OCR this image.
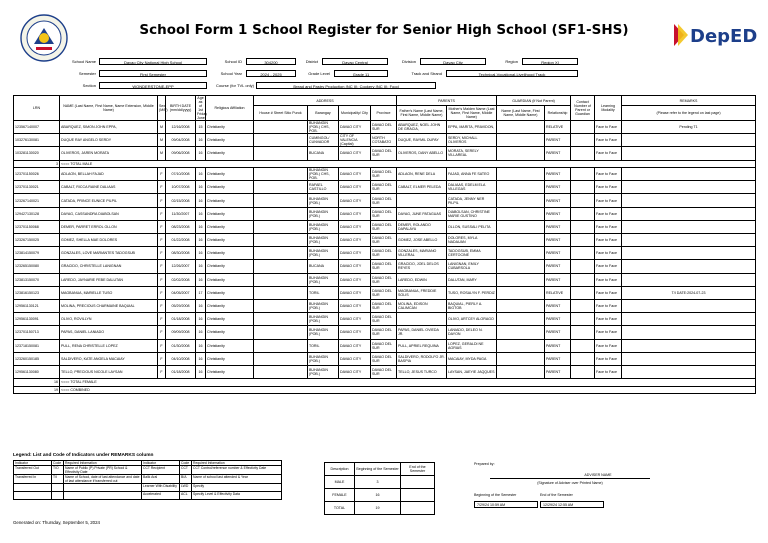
School Form 1 School Register for Senior High School (SF1-SHS)	DepED
School Name	Davao City National High School	School ID	304200	District	Davao Central	Division	Davao City	Region	Region XI
Semester	First Semester	School Year	2024 - 2025	Grade Level	Grade 11	Track and Strand	Technical-Vocational-Livelihood Track
Section	WONDERSTONE-EPP	Course (for TVL only)	Bread and Pastry Production (NC II); Cookery (NC II); Food
LRN	NAME (Last Name, First Name, Name Extension, Middle Name)	Sex (M/F)	BIRTH DATE (mm/dd/yyyy)	Age as of 1st Friday June	Religious Affiliation	ADDRESS				PARENTS		GUARDIAN (If Not Parent)		Contact Number of Parent or Guardian	Learning Modality	REMARKS
						House # Street Sitio Purok	Barangay	Municipality/ City	Province	Father's Name (Last Name, First Name, Middle Name)	Mother's Maiden Name (Last Name, First Name, Middle Name)	Name (Last Name, First Name, Middle Name)	Relationship			(Please refer to the legend on last page)
123567140007	ABARQUEZ, SIMON JOHN EPPA,	M	12/16/2008	15	Christianity		BUHANGIN (POB.) CHS, POB.	DAVAO CITY	DAVAO DEL SUR	ABARQUEZ, NOEL JOHN DE GRACIA,	EPPA, MARITA, PRAVIDON,		RELATIVE		Face to Face	Pending T1
103276130081	DUQUE RAY ANGELO SERDY	M	09/04/2008	16	Christianity		CUMINGOL/ CUNVADOR	CITY OF VALENCIA (Capital)	NORTH COTABATO	DUQUE, RAYMIL DUPAY	SERDY, MICHALL OLIVEROS		PARENT		Face to Face	
103281130020	OLIVEROS, JAREN MORATA	M	09/06/2008	16	Christianity		BUCANA	DAVAO CITY	DAVAO DEL SUR	OLIVEROS, DANY ABELLO	MORATA, SERELY VILLAREAL		PARENT		Face to Face	
3	<=== TOTAL MALE															
123701150026	ADLAON, BELLAH FAJAD	F	07/10/2008	16	Christianity		BUHANGIN (POB.) CHS, POB.	DAVAO CITY	DAVAO DEL SUR	ADLAON, RENE DELA	FAJAD, ANNA FE SATEO		PARENT		Face to Face	
123701130021	CABALT, RICCA RAINE DALIAAS	F	10/07/2008	16	Christianity		RAFAEL CASTILLO	DAVAO CITY	DAVAO DEL SUR	CABALT, ELMER PELEDA	DALIAAS, EDELM ELA VILLEGAS		PARENT		Face to Face	
123267140021	CATADA, PRINCE EUNICE PILPIL	F	02/15/2008	16	Christianity		BUHANGIN (POB.)	DAVAO CITY	DAVAO DEL SUR		CATADA, JENNY NER PILPIL		PARENT		Face to Face	
129427130128	DAYAG, CASSANDRA DIABOLSAN	F	11/30/2007	16	Christianity		BUHANGIN (POB.)	DAVAO CITY	DAVAO DEL SUR	DAYAG, JUNE PATAGUAS	DIABOLSAN, CHRISTINE MARIE GUSTINO		PARENT		Face to Face	
123701150068	DEMER, PARRET ERROL OLLON	F	08/23/2008	16	Christianity		BUHANGIN (POB.)	DAVAO CITY	DAVAO DEL SUR	DEMER, ROLANDO DAPALAYA	OLLON, SUSSALI PELITA		PARENT		Face to Face	
123267150025	GOMEZ, SHELLA MAE DOLORES	F	01/22/2008	16	Christianity		BUHANGIN (POB.)	DAVAO CITY	DAVAO DEL SUR	GOMEZ, JOSE ABELLO	DOLORES, MYLA NADAUAN		PARENT		Face to Face	
123814150079	GONZALES, LOVE MARIANTES TADOGSUB	F	08/30/2008	16	Christianity		BUHANGIN (POB.)	DAVAO CITY	DAVAO DEL SUR	GONZALES, MARIANO VILLERAL	TADOGSUB, EMMA CERTOCINE		PARENT		Face to Face	
123265150080	GRACIDO, CHRISTELLE LANIGNAN	F	12/26/2007	16	Christianity		BUCANA	DAVAO CITY	DAVAO DEL SUR	GRACIDO, JOEL DELOS REYES	LANIGNAN, EMILY CUBARSOLA		PARENT		Face to Face	
123813150070	LAREDO, JAYNARIE FEBE DALUTAN	F	02/02/2008	16	Christianity		BUHANGIN (POB.)	DAVAO CITY	DAVAO DEL SUR	LAREDO, EDWIN	DALUTAN, MARY		PARENT		Face to Face	
123816150123	MAGBANUA, MARIELLE TUSO	F	04/05/2007	17	Christianity		TORIL	DAVAO CITY	DAVAO DEL SUR	MAGBANUA, FREDDIE SOLIS	TUSO, ROSALYN F. PERDIZ		RELATIVE		Face to Face	T/I DATE:2024-07-23
129561130121	MOLINA, PRECIOUS CHARMAINE BAQUIAL	F	05/29/2008	16	Christianity		BUHANGIN (POB.)	DAVAO CITY	DAVAO DEL SUR	MOLINA, EDISON CALIMCAN	BAQUIAL, PIERLY A. BIGTOB		PARENT		Face to Face	
129561130091	OLIVO, ROVILLYN	F	01/18/2008	16	Christianity		BUHANGIN (POB.)	DAVAO CITY	DAVAO DEL SUR		OLIVO, ARTCEY ALORAGO		PARENT		Face to Face	
123701150713	PAPAS, DANIEL LANIADO	F	09/09/2008	16	Christianity		BUHANGIN (POB.)	DAVAO CITY	DAVAO DEL SUR	PAPAS, DANIEL OVIEDA JR.	LANIADO, DELEO N. DAYON		PARENT		Face to Face	
123718150081	PULL, RENA CHRISTELLE LOPEZ	F	01/30/2008	16	Christianity		TORIL	DAVAO CITY	DAVAO DEL SUR	PULL, APRIEL REQUINA	LOPEZ, GERALDI NE AGRIAS		PARENT		Face to Face	
123260150185	SALDIVERO, KATE ANGELA MACAIAY	F	04/10/2008	16	Christianity		BUHANGIN (POB.)	DAVAO CITY	DAVAO DEL SUR	SALDIVERO, RODOLFO JR. BASPIA	MACAIAY, MYDA PAGA		PARENT		Face to Face	
129561130080	TELLO, PRECIOUS NICOLE LAYSAN	F	01/18/2008	16	Christianity		BUHANGIN (POB.)	DAVAO CITY	DAVAO DEL SUR	TELLO, JESUS TURCO	LAYSAN, JAEYIE JAQQUES		PARENT		Face to Face	
16	<=== TOTAL FEMALE															
19	<=== COMBINED															
Legend: List and Code of Indicators under REMARKS column
Indicator	Code	Required Information	Indicator	Code	Required Information
Transferred Out	T/O	Name of Public (P) Private (PR) School & Effectivity Date	CCT Recipient	CCT	CCT Control/reference number & Effectivity Date
Transferred In	T/I	Name of School, date of last attendance and date of last attendance if transferred out	Balik Aral	B/A	Name of school last attended & Year
			Learner With Disability	LWD	Specify
			Accelerated	ACL	Specify Level & Effectivity Data
Description	Beginning of the Semester	End of the Semester
MALE	3	
FEMALE	16	
TOTAL	19	
Prepared by:
ADVISER NAME
(Signature of Adviser over Printed Name)
Beginning of the Semester
7/29/24 10:59 AM
End of the Semester
12/29/24 12:55 AM
Generated on: Thursday, September 5, 2024
